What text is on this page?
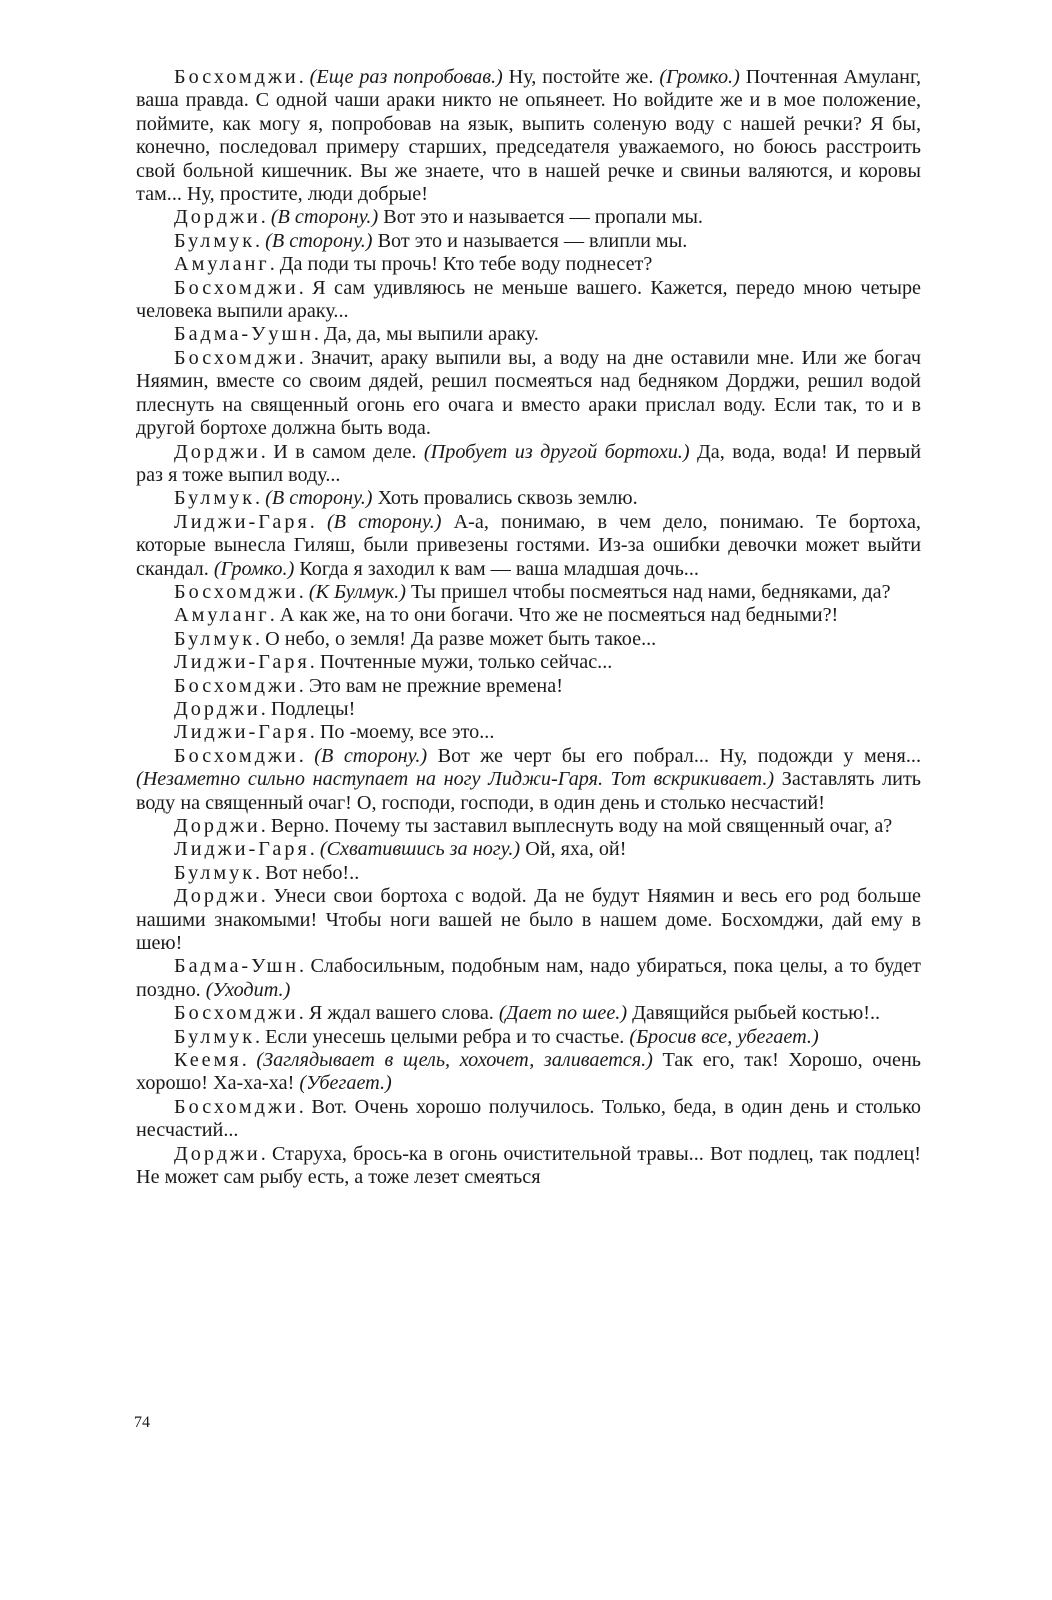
Босхомджи. (Еще раз попробовав.) Ну, постойте же. (Громко.) Почтенная Амуланг, ваша правда. С одной чаши араки никто не опьянеет. Но войдите же и в мое положение, поймите, как могу я, попробовав на язык, выпить соленую воду с нашей речки? Я бы, конечно, последовал примеру старших, председателя уважаемого, но боюсь расстроить свой больной кишечник. Вы же знаете, что в нашей речке и свиньи валяются, и коровы там... Ну, простите, люди добрые!

Дорджи. (В сторону.) Вот это и называется — пропали мы.

Булмук. (В сторону.) Вот это и называется — влипли мы.

Амуланг. Да поди ты прочь! Кто тебе воду поднесет?

Босхомджи. Я сам удивляюсь не меньше вашего. Кажется, передо мною четыре человека выпили араку...

Бадма-Уушн. Да, да, мы выпили араку.

Босхомджи. Значит, араку выпили вы, а воду на дне оставили мне. Или же богач Няямин, вместе со своим дядей, решил посмеяться над бедняком Дорджи, решил водой плеснуть на священный огонь его очага и вместо араки прислал воду. Если так, то и в другой бортохе должна быть вода.

Дорджи. И в самом деле. (Пробует из другой бортохи.) Да, вода, вода! И первый раз я тоже выпил воду...

Булмук. (В сторону.) Хоть провались сквозь землю.

Лиджи-Гаря. (В сторону.) А-а, понимаю, в чем дело, понимаю. Те бортоха, которые вынесла Гиляш, были привезены гостями. Из-за ошибки девочки может выйти скандал. (Громко.) Когда я заходил к вам — ваша младшая дочь...

Босхомджи. (К Булмук.) Ты пришел чтобы посмеяться над нами, бедняками, да?

Амуланг. А как же, на то они богачи. Что же не посмеяться над бедными?!

Булмук. О небо, о земля! Да разве может быть такое...

Лиджи-Гаря. Почтенные мужи, только сейчас...

Босхомджи. Это вам не прежние времена!

Дорджи. Подлецы!

Лиджи-Гаря. По -моему, все это...

Босхомджи. (В сторону.) Вот же черт бы его побрал... Ну, подожди у меня... (Незаметно сильно наступает на ногу Лиджи-Гаря. Тот вскрикивает.) Заставлять лить воду на священный очаг! О, господи, господи, в один день и столько несчастий!

Дорджи. Верно. Почему ты заставил выплеснуть воду на мой священный очаг, а?

Лиджи-Гаря. (Схватившись за ногу.) Ой, яха, ой!

Булмук. Вот небо!..

Дорджи. Унеси свои бортоха с водой. Да не будут Няямин и весь его род больше нашими знакомыми! Чтобы ноги вашей не было в нашем доме. Босхомджи, дай ему в шею!

Бадма-Ушн. Слабосильным, подобным нам, надо убираться, пока целы, а то будет поздно. (Уходит.)

Босхомджи. Я ждал вашего слова. (Дает по шее.) Давящийся рыбьей костью!..

Булмук. Если унесешь целыми ребра и то счастье. (Бросив все, убегает.)

Кеемя. (Заглядывает в щель, хохочет, заливается.) Так его, так! Хорошо, очень хорошо! Ха-ха-ха! (Убегает.)

Босхомджи. Вот. Очень хорошо получилось. Только, беда, в один день и столько несчастий...

Дорджи. Старуха, брось-ка в огонь очистительной травы... Вот подлец, так подлец! Не может сам рыбу есть, а тоже лезет смеяться

74
